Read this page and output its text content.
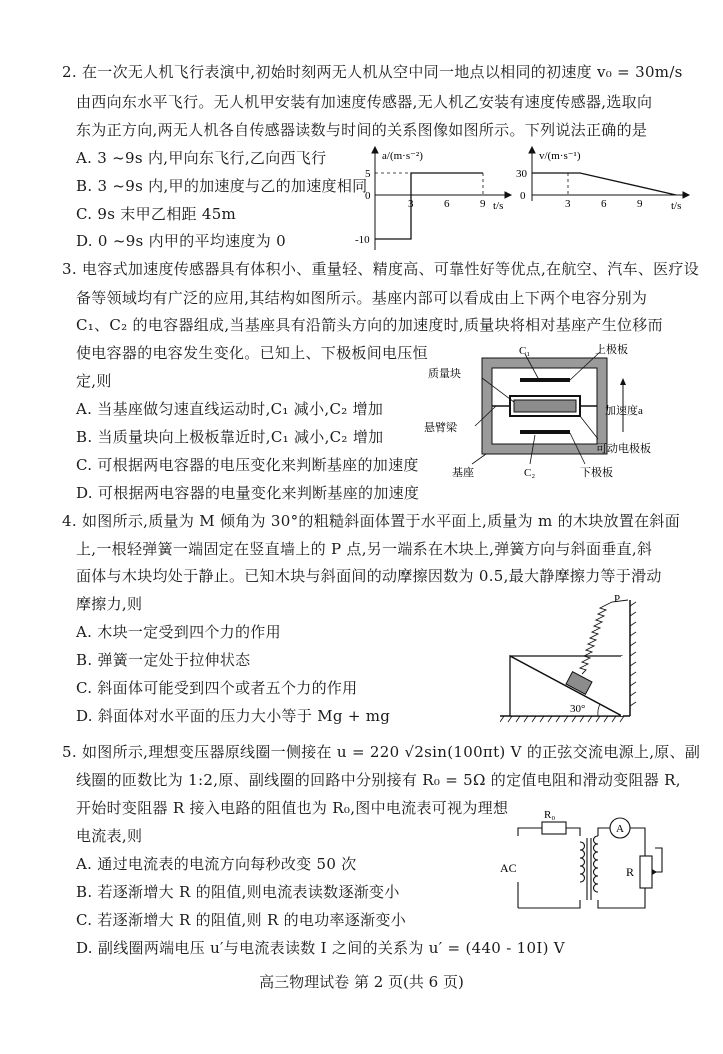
2. 在一次无人机飞行表演中,初始时刻两无人机从空中同一地点以相同的初速度 v₀ = 30m/s
由西向东水平飞行。无人机甲安装有加速度传感器,无人机乙安装有速度传感器,选取向
东为正方向,两无人机各自传感器读数与时间的关系图像如图所示。下列说法正确的是
A. 3 ~9s 内,甲向东飞行,乙向西飞行
B. 3 ~9s 内,甲的加速度与乙的加速度相同
C. 9s 末甲乙相距 45m
D. 0 ~9s 内甲的平均速度为 0
a/(m·s⁻²)
t/s
5
0
-10
3	6	9
v/(m·s⁻¹)
t/s
30
0
3	6	9
3. 电容式加速度传感器具有体积小、重量轻、精度高、可靠性好等优点,在航空、汽车、医疗设
备等领域均有广泛的应用,其结构如图所示。基座内部可以看成由上下两个电容分别为
C₁、C₂ 的电容器组成,当基座具有沿箭头方向的加速度时,质量块将相对基座产生位移而
使电容器的电容发生变化。已知上、下极板间电压恒
定,则
A. 当基座做匀速直线运动时,C₁ 减小,C₂ 增加
B. 当质量块向上极板靠近时,C₁ 减小,C₂ 增加
C. 可根据两电容器的电压变化来判断基座的加速度
D. 可根据两电容器的电量变化来判断基座的加速度
C₁	上极板
质量块
加速度a
悬臂梁
可动电极板
基座	C₂	下极板
4. 如图所示,质量为 M 倾角为 30°的粗糙斜面体置于水平面上,质量为 m 的木块放置在斜面
上,一根轻弹簧一端固定在竖直墙上的 P 点,另一端系在木块上,弹簧方向与斜面垂直,斜
面体与木块均处于静止。已知木块与斜面间的动摩擦因数为 0.5,最大静摩擦力等于滑动
摩擦力,则
A. 木块一定受到四个力的作用
B. 弹簧一定处于拉伸状态
C. 斜面体可能受到四个或者五个力的作用
D. 斜面体对水平面的压力大小等于 Mg + mg
P
30°
5. 如图所示,理想变压器原线圈一侧接在 u = 220 √2sin(100πt) V 的正弦交流电源上,原、副
线圈的匝数比为 1:2,原、副线圈的回路中分别接有 R₀ = 5Ω 的定值电阻和滑动变阻器 R,
开始时变阻器 R 接入电路的阻值也为 R₀,图中电流表可视为理想
电流表,则
A. 通过电流表的电流方向每秒改变 50 次
B. 若逐渐增大 R 的阻值,则电流表读数逐渐变小
C. 若逐渐增大 R 的阻值,则 R 的电功率逐渐变小
D. 副线圈两端电压 u′与电流表读数 I 之间的关系为 u′ = (440 - 10I) V
R₀
AC
A
R
高三物理试卷 第 2 页(共 6 页)
